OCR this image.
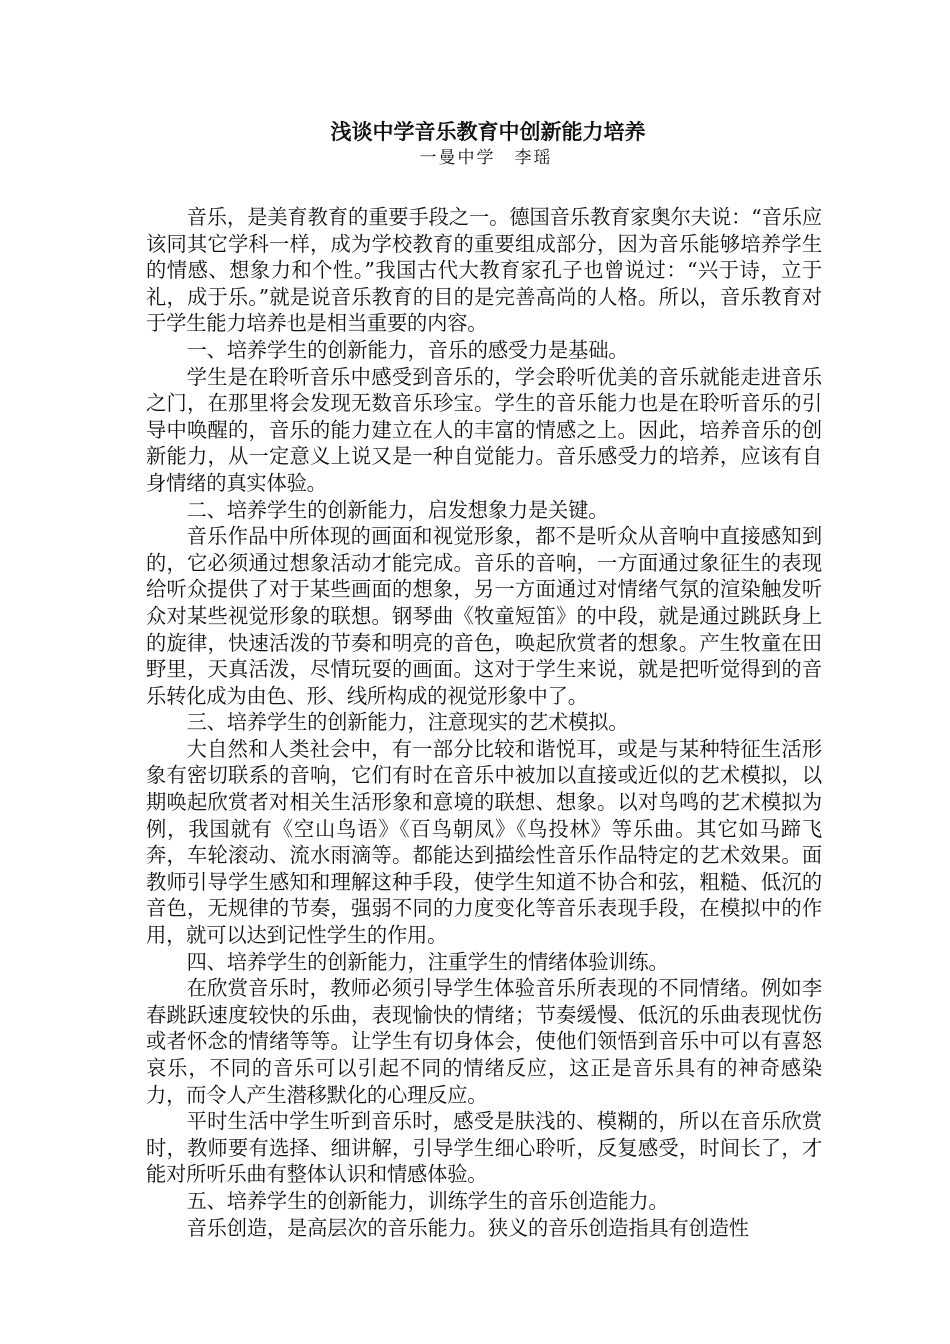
浅谈中学音乐教育中创新能力培养

一曼中学　李瑶

音乐，是美育教育的重要手段之一。德国音乐教育家奥尔夫说：“音乐应该同其它学科一样，成为学校教育的重要组成部分，因为音乐能够培养学生的情感、想象力和个性。”我国古代大教育家孔子也曾说过：“兴于诗，立于礼，成于乐。”就是说音乐教育的目的是完善高尚的人格。所以，音乐教育对于学生能力培养也是相当重要的内容。

一、培养学生的创新能力，音乐的感受力是基础。

学生是在聆听音乐中感受到音乐的，学会聆听优美的音乐就能走进音乐之门，在那里将会发现无数音乐珍宝。学生的音乐能力也是在聆听音乐的引导中唤醒的，音乐的能力建立在人的丰富的情感之上。因此，培养音乐的创新能力，从一定意义上说又是一种自觉能力。音乐感受力的培养，应该有自身情绪的真实体验。

二、培养学生的创新能力，启发想象力是关键。

音乐作品中所体现的画面和视觉形象，都不是听众从音响中直接感知到的，它必须通过想象活动才能完成。音乐的音响，一方面通过象征生的表现给听众提供了对于某些画面的想象，另一方面通过对情绪气氛的渲染触发听众对某些视觉形象的联想。钢琴曲《牧童短笛》的中段，就是通过跳跃身上的旋律，快速活泼的节奏和明亮的音色，唤起欣赏者的想象。产生牧童在田野里，天真活泼，尽情玩耍的画面。这对于学生来说，就是把听觉得到的音乐转化成为由色、形、线所构成的视觉形象中了。

三、培养学生的创新能力，注意现实的艺术模拟。

大自然和人类社会中，有一部分比较和谐悦耳，或是与某种特征生活形象有密切联系的音响，它们有时在音乐中被加以直接或近似的艺术模拟，以期唤起欣赏者对相关生活形象和意境的联想、想象。以对鸟鸣的艺术模拟为例，我国就有《空山鸟语》《百鸟朝凤》《鸟投林》等乐曲。其它如马蹄飞奔，车轮滚动、流水雨滴等。都能达到描绘性音乐作品特定的艺术效果。面教师引导学生感知和理解这种手段，使学生知道不协合和弦，粗糙、低沉的音色，无规律的节奏，强弱不同的力度变化等音乐表现手段，在模拟中的作用，就可以达到记性学生的作用。

四、培养学生的创新能力，注重学生的情绪体验训练。

在欣赏音乐时，教师必须引导学生体验音乐所表现的不同情绪。例如李春跳跃速度较快的乐曲，表现愉快的情绪；节奏缓慢、低沉的乐曲表现忧伤或者怀念的情绪等等。让学生有切身体会，使他们领悟到音乐中可以有喜怒哀乐，不同的音乐可以引起不同的情绪反应，这正是音乐具有的神奇感染力，而令人产生潜移默化的心理反应。

平时生活中学生听到音乐时，感受是肤浅的、模糊的，所以在音乐欣赏时，教师要有选择、细讲解，引导学生细心聆听，反复感受，时间长了，才能对所听乐曲有整体认识和情感体验。

五、培养学生的创新能力，训练学生的音乐创造能力。

音乐创造，是高层次的音乐能力。狭义的音乐创造指具有创造性
